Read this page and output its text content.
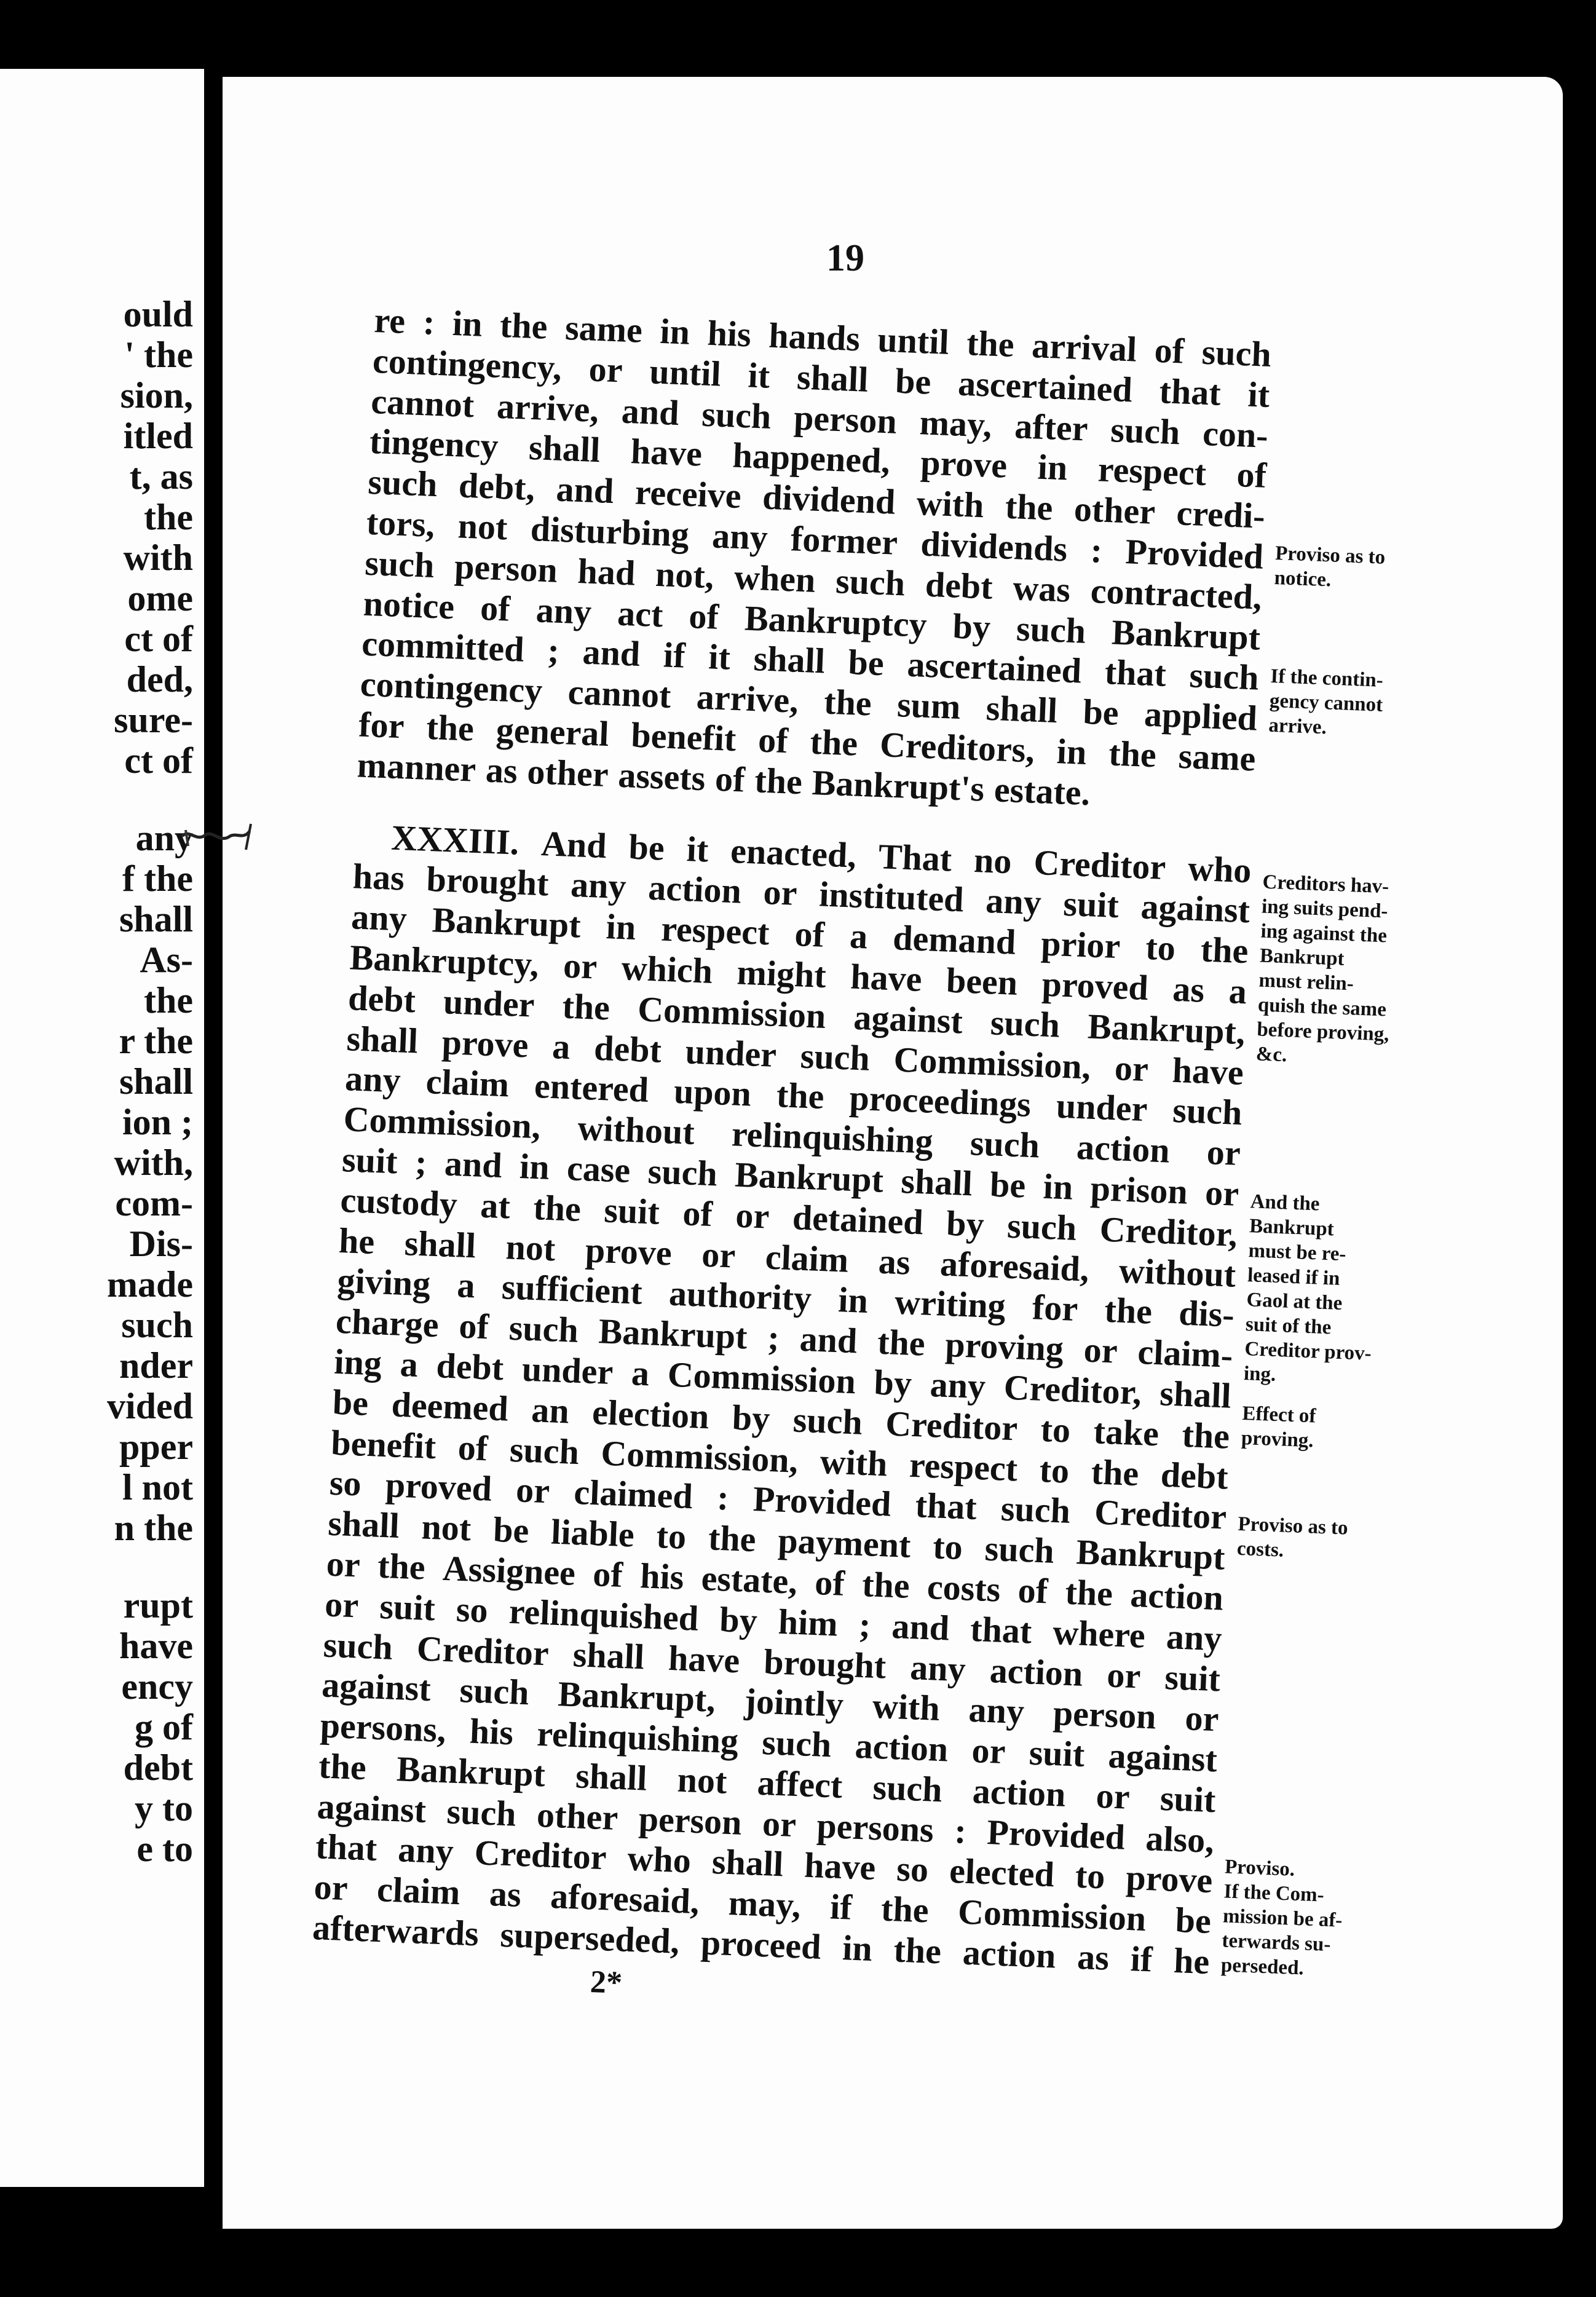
ould
' the
sion,
itled
t, as
the
with
ome
ct of
ded,
sure-
ct of
any
f the
shall
As-
the
r the
shall
ion ;
with,
com-
Dis-
made
such
nder
vided
pper
l not
n the
rupt
have
ency
g of
debt
y to
e to
19
re : in the same in his hands until the arrival of such
contingency, or until it shall be ascertained that it
cannot arrive, and such person may, after such con-
tingency shall have happened, prove in respect of
such debt, and receive dividend with the other credi-
tors, not disturbing any former dividends : Provided
such person had not, when such debt was contracted,
notice of any act of Bankruptcy by such Bankrupt
committed ; and if it shall be ascertained that such
contingency cannot arrive, the sum shall be applied
for the general benefit of the Creditors, in the same
manner as other assets of the Bankrupt's estate.
XXXIII. And be it enacted, That no Creditor who
has brought any action or instituted any suit against
any Bankrupt in respect of a demand prior to the
Bankruptcy, or which might have been proved as a
debt under the Commission against such Bankrupt,
shall prove a debt under such Commission, or have
any claim entered upon the proceedings under such
Commission, without relinquishing such action or
suit ; and in case such Bankrupt shall be in prison or
custody at the suit of or detained by such Creditor,
he shall not prove or claim as aforesaid, without
giving a sufficient authority in writing for the dis-
charge of such Bankrupt ; and the proving or claim-
ing a debt under a Commission by any Creditor, shall
be deemed an election by such Creditor to take the
benefit of such Commission, with respect to the debt
so proved or claimed : Provided that such Creditor
shall not be liable to the payment to such Bankrupt
or the Assignee of his estate, of the costs of the action
or suit so relinquished by him ; and that where any
such Creditor shall have brought any action or suit
against such Bankrupt, jointly with any person or
persons, his relinquishing such action or suit against
the Bankrupt shall not affect such action or suit
against such other person or persons : Provided also,
that any Creditor who shall have so elected to prove
or claim as aforesaid, may, if the Commission be
afterwards superseded, proceed in the action as if he
Proviso as to
notice.
If the contin-
gency cannot
arrive.
Creditors hav-
ing suits pend-
ing against the
Bankrupt
must relin-
quish the same
before proving,
&c.
And the
Bankrupt
must be re-
leased if in
Gaol at the
suit of the
Creditor prov-
ing.
Effect of
proving.
Proviso as to
costs.
Proviso.
If the Com-
mission be af-
terwards su-
perseded.
2*
